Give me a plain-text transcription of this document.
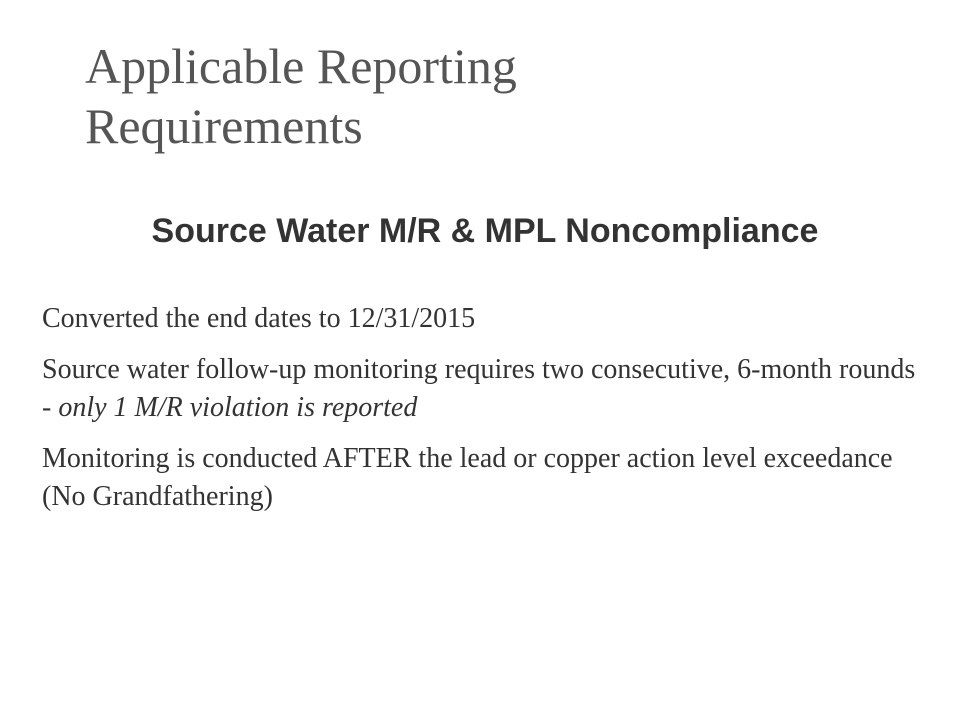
Applicable Reporting Requirements
Source Water M/R & MPL Noncompliance
Converted the end dates to 12/31/2015
Source water follow-up monitoring requires two consecutive, 6-month rounds - only 1 M/R violation is reported
Monitoring is conducted AFTER the lead or copper action level exceedance (No Grandfathering)
